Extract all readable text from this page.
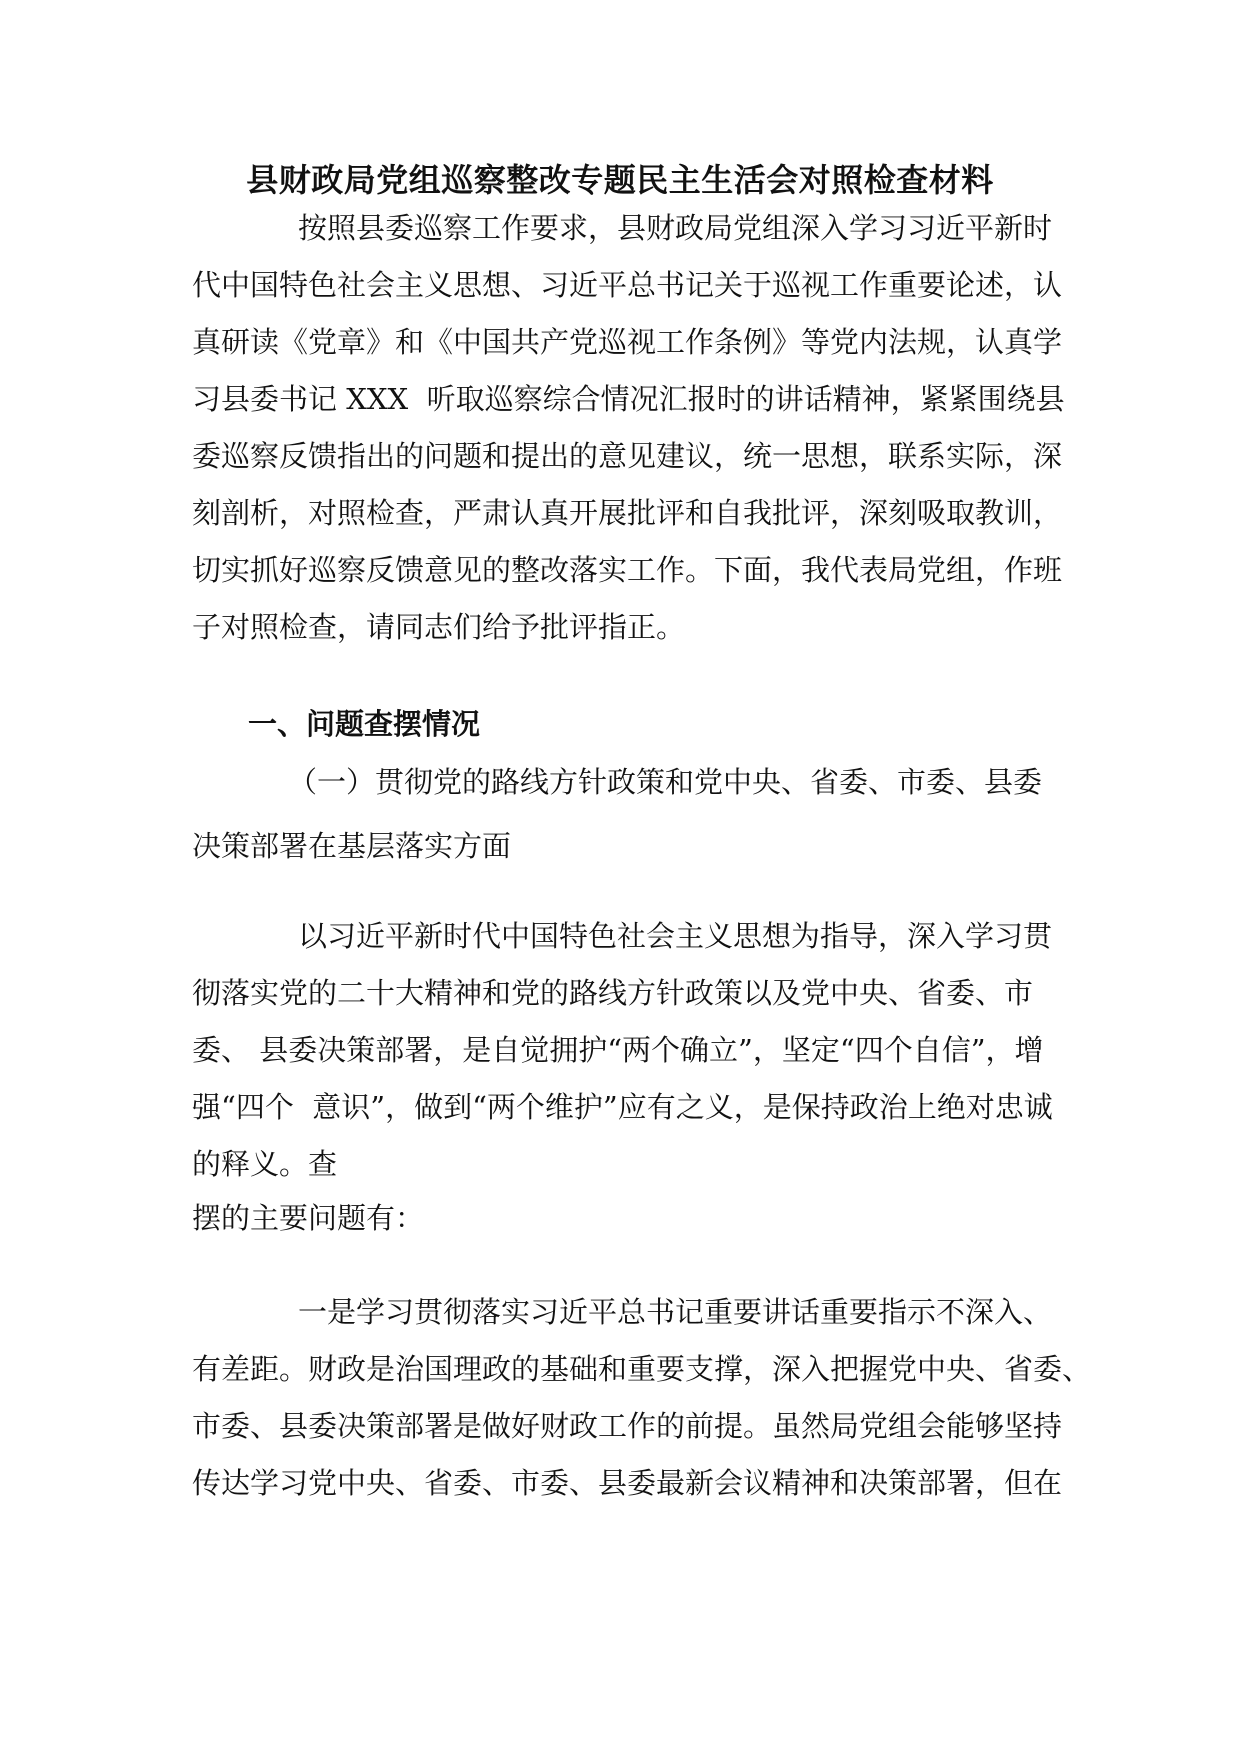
县财政局党组巡察整改专题民主生活会对照检查材料
按照县委巡察工作要求，县财政局党组深入学习习近平新时
代中国特色社会主义思想、习近平总书记关于巡视工作重要论述，认
真研读《党章》和《中国共产党巡视工作条例》等党内法规，认真学
习县委书记 XXX  听取巡察综合情况汇报时的讲话精神，紧紧围绕县
委巡察反馈指出的问题和提出的意见建议，统一思想，联系实际，深
刻剖析，对照检查，严肃认真开展批评和自我批评，深刻吸取教训，
切实抓好巡察反馈意见的整改落实工作。下面，我代表局党组，作班
子对照检查，请同志们给予批评指正。
一、问题查摆情况
（一）贯彻党的路线方针政策和党中央、省委、市委、县委
决策部署在基层落实方面
以习近平新时代中国特色社会主义思想为指导，深入学习贯
彻落实党的二十大精神和党的路线方针政策以及党中央、省委、市
委、 县委决策部署，是自觉拥护“两个确立”，坚定“四个自信”，增
强“四个  意识”，做到“两个维护”应有之义，是保持政治上绝对忠诚
的释义。查
摆的主要问题有：
一是学习贯彻落实习近平总书记重要讲话重要指示不深入、
有差距。财政是治国理政的基础和重要支撑，深入把握党中央、省委、
市委、县委决策部署是做好财政工作的前提。虽然局党组会能够坚持
传达学习党中央、省委、市委、县委最新会议精神和决策部署，但在
